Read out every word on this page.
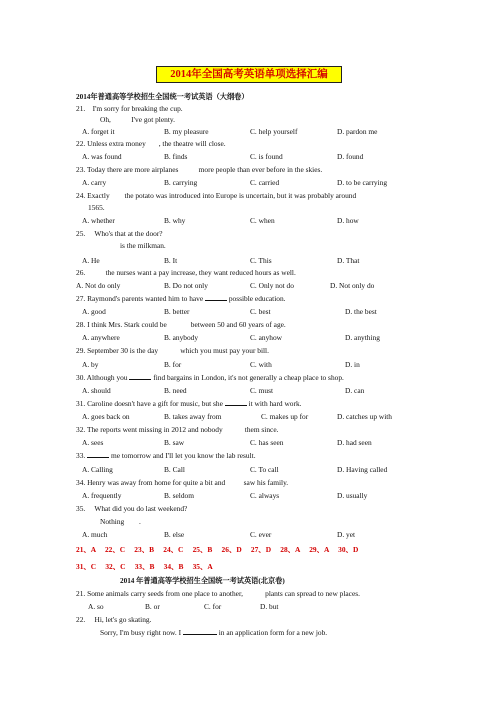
2014年全国高考英语单项选择汇编
2014年普通高等学校招生全国统一考试英语（大纲卷）
21.    I'm sorry for breaking the cup.
Oh,           I've got plenty.
A. forget it	B. my pleasure	C. help yourself	D. pardon me
22. Unless extra money       , the theatre will close.
A. was found	B. finds	C. is found	D. found
23. Today there are more airplanes           more people than ever before in the skies.
A. carry	B. carrying	C. carried	D. to be carrying
24. Exactly        the potato was introduced into Europe is uncertain, but it was probably around
1565.
A. whether	B. why	C. when	D. how
25.     Who's that at the door?
is the milkman.
A. He	B. It	C. This	D. That
26.           the nurses want a pay increase, they want reduced hours as well.
A. Not do only	B. Do not only	C. Only not do	D. Not only do
27. Raymond's parents wanted him to have	possible education.
A. good	B. better	C. best	D. the best
28. I think Mrs. Stark could be             between 50 and 60 years of age.
A. anywhere	B. anybody	C. anyhow	D. anything
29. September 30 is the day            which you must pay your bill.
A. by	B. for	C. with	D. in
30. Although you	find bargains in London, it's not generally a cheap place to shop.
A. should	B. need	C. must	D. can
31. Caroline doesn't have a gift for music, but she	it with hard work.
A. goes back on	B. takes away from	C. makes up for	D. catches up with
32. The reports went missing in 2012 and nobody            them since.
A. sees	B. saw	C. has seen	D. had seen
33.	me tomorrow and I'll let you know the lab result.
A. Calling	B. Call	C. To call	D. Having called
34. Henry was away from home for quite a bit and          saw his family.
A. frequently	B. seldom	C. always	D. usually
35.     What did you do last weekend?
Nothing        .
A. much	B. else	C. ever	D. yet
21、A     22、C     23、B     24、C     25、B     26、D     27、D     28、A     29、A     30、D
31、C     32、C     33、B     34、B     35、A
2014 年普通高等学校招生全国统一考试英语(北京卷)
21. Some animals carry seeds from one place to another,            plants can spread to new places.
A. so	B. or	C. for	D. but
22.     Hi, let's go skating.
Sorry, I'm busy right now. I	in an application form for a new job.
